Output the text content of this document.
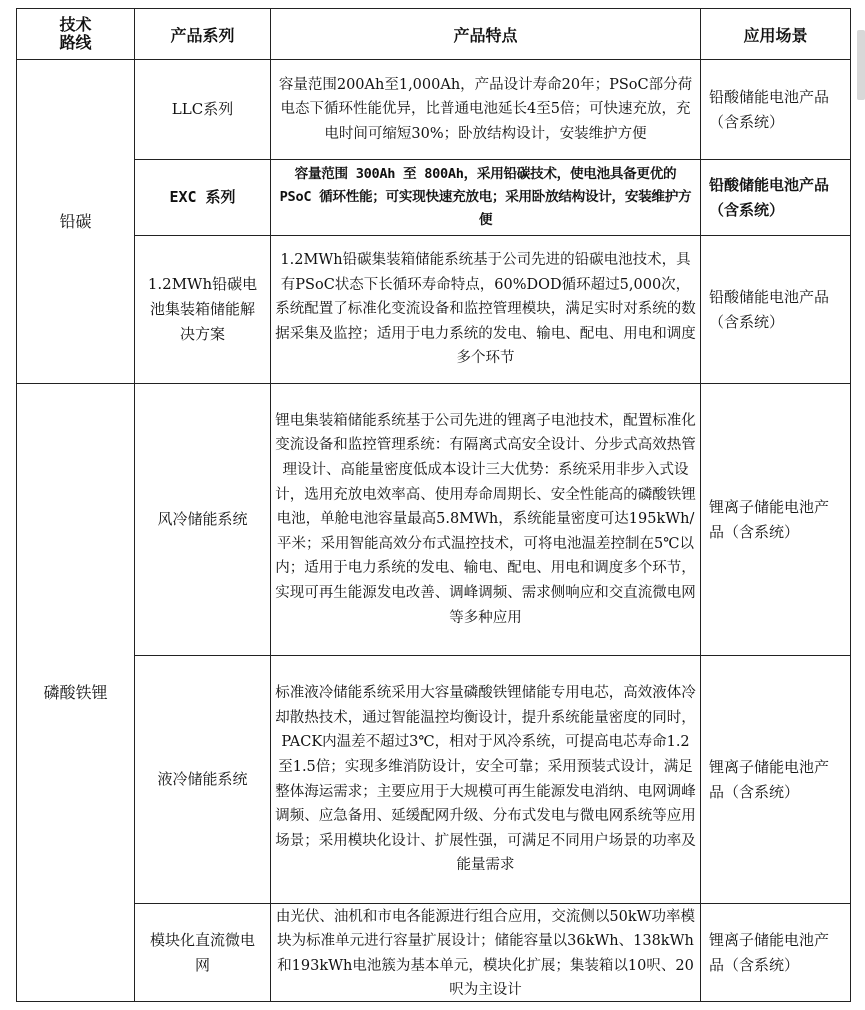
技术
路线	产品系列	产品特点	应用场景
铅碳	LLC系列	容量范围200Ah至1,000Ah，产品设计寿命20年；PSoC部分荷电态下循环性能优异，比普通电池延长4至5倍；可快速充放，充电时间可缩短30%；卧放结构设计，安装维护方便	铅酸储能电池产品（含系统）
	EXC 系列	容量范围 300Ah 至 800Ah，采用铅碳技术，使电池具备更优的 PSoC 循环性能；可实现快速充放电；采用卧放结构设计，安装维护方便	铅酸储能电池产品（含系统）
	1.2MWh铅碳电池集装箱储能解决方案	1.2MWh铅碳集装箱储能系统基于公司先进的铅碳电池技术，具有PSoC状态下长循环寿命特点，60%DOD循环超过5,000次，系统配置了标准化变流设备和监控管理模块，满足实时对系统的数据采集及监控；适用于电力系统的发电、输电、配电、用电和调度多个环节	铅酸储能电池产品（含系统）
磷酸铁锂	风冷储能系统	锂电集装箱储能系统基于公司先进的锂离子电池技术，配置标准化变流设备和监控管理系统：有隔离式高安全设计、分步式高效热管理设计、高能量密度低成本设计三大优势：系统采用非步入式设计，选用充放电效率高、使用寿命周期长、安全性能高的磷酸铁锂电池，单舱电池容量最高5.8MWh，系统能量密度可达195kWh/平米；采用智能高效分布式温控技术，可将电池温差控制在5℃以内；适用于电力系统的发电、输电、配电、用电和调度多个环节，实现可再生能源发电改善、调峰调频、需求侧响应和交直流微电网等多种应用	锂离子储能电池产品（含系统）
	液冷储能系统	标准液冷储能系统采用大容量磷酸铁锂储能专用电芯，高效液体冷却散热技术，通过智能温控均衡设计，提升系统能量密度的同时，PACK内温差不超过3℃，相对于风冷系统，可提高电芯寿命1.2至1.5倍；实现多维消防设计，安全可靠；采用预装式设计，满足整体海运需求；主要应用于大规模可再生能源发电消纳、电网调峰调频、应急备用、延缓配网升级、分布式发电与微电网系统等应用场景；采用模块化设计、扩展性强，可满足不同用户场景的功率及能量需求	锂离子储能电池产品（含系统）
	模块化直流微电网	由光伏、油机和市电各能源进行组合应用，交流侧以50kW功率模块为标准单元进行容量扩展设计；储能容量以36kWh、138kWh和193kWh电池簇为基本单元，模块化扩展；集装箱以10呎、20呎为主设计	锂离子储能电池产品（含系统）
